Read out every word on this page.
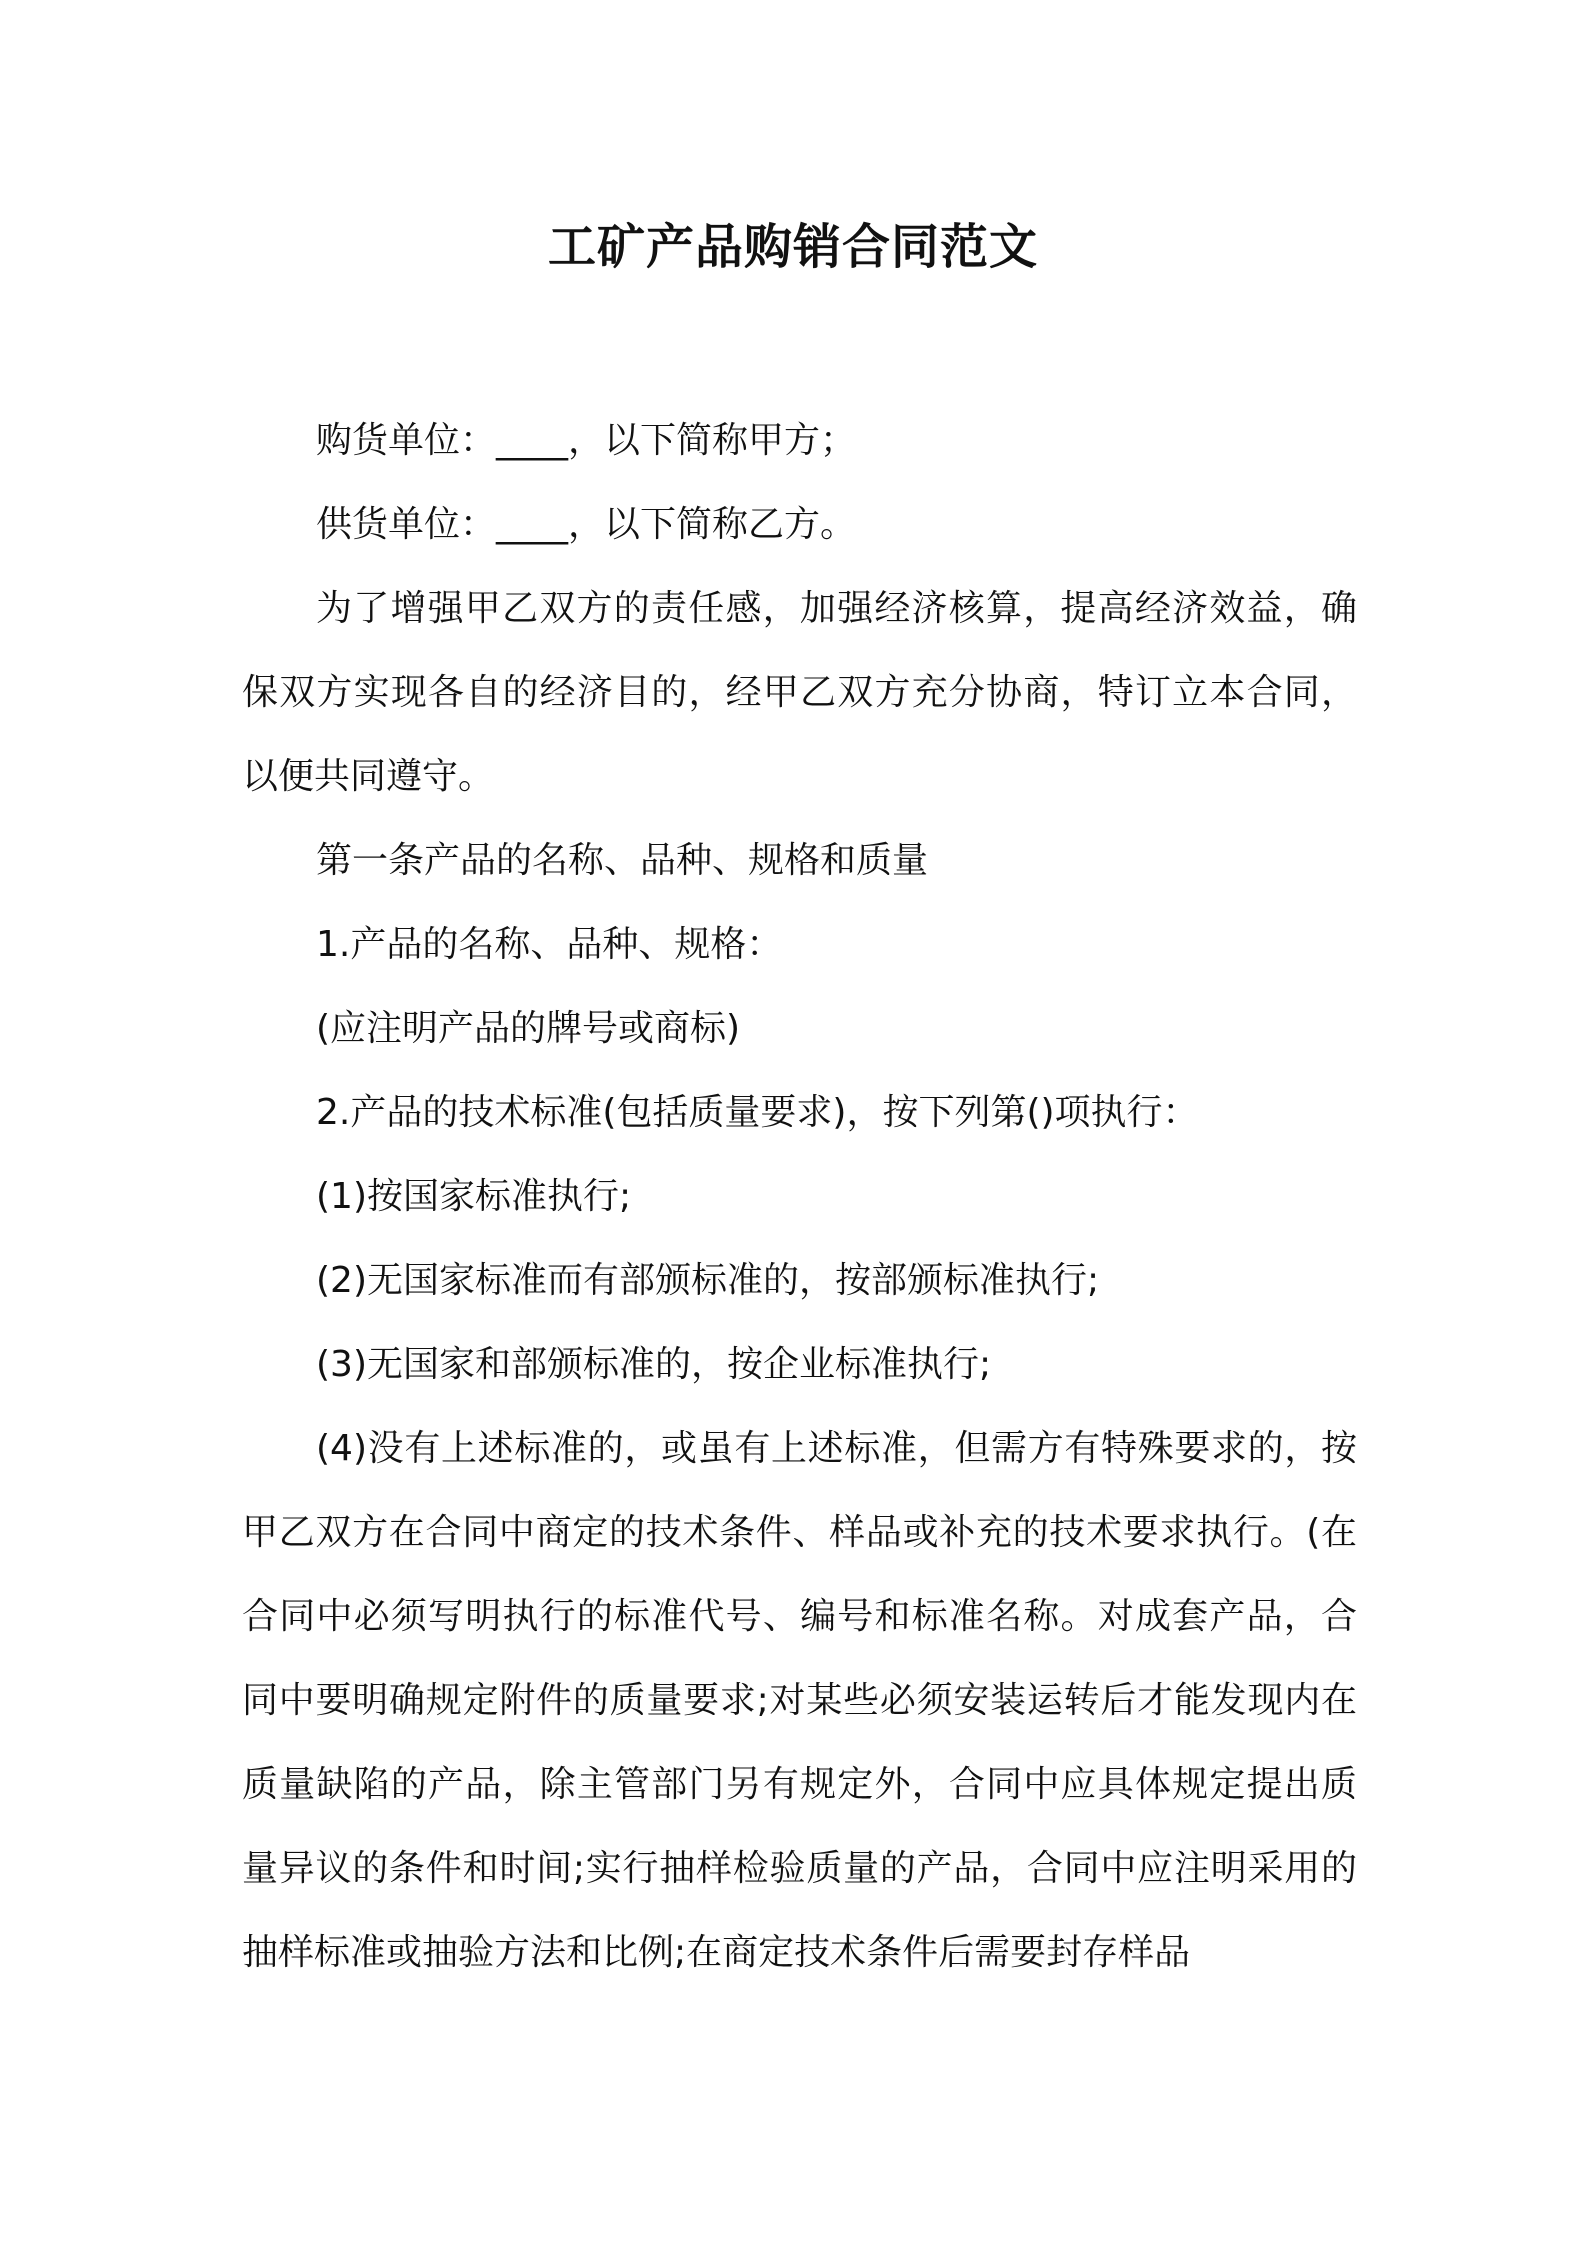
工矿产品购销合同范文

购货单位：____，以下简称甲方；

供货单位：____，以下简称乙方。

为了增强甲乙双方的责任感，加强经济核算，提高经济效益，确保双方实现各自的经济目的，经甲乙双方充分协商，特订立本合同，以便共同遵守。

第一条产品的名称、品种、规格和质量

1.产品的名称、品种、规格：

(应注明产品的牌号或商标)

2.产品的技术标准(包括质量要求)，按下列第()项执行：

(1)按国家标准执行;

(2)无国家标准而有部颁标准的，按部颁标准执行;

(3)无国家和部颁标准的，按企业标准执行;

(4)没有上述标准的，或虽有上述标准，但需方有特殊要求的，按甲乙双方在合同中商定的技术条件、样品或补充的技术要求执行。(在合同中必须写明执行的标准代号、编号和标准名称。对成套产品，合同中要明确规定附件的质量要求;对某些必须安装运转后才能发现内在质量缺陷的产品，除主管部门另有规定外，合同中应具体规定提出质量异议的条件和时间;实行抽样检验质量的产品，合同中应注明采用的抽样标准或抽验方法和比例;在商定技术条件后需要封存样品
